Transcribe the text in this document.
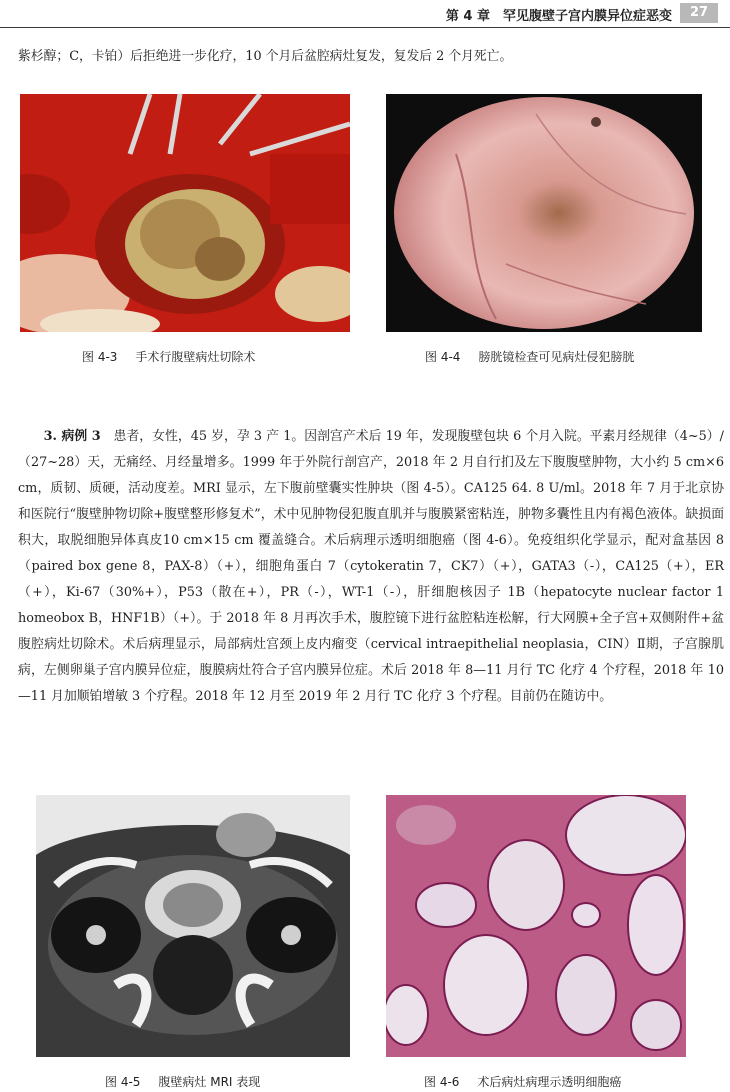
第 4 章　罕见腹壁子宫内膜异位症恶变	27
紫杉醇；C，卡铂）后拒绝进一步化疗，10 个月后盆腔病灶复发，复发后 2 个月死亡。
图 4-3 手术行腹壁病灶切除术	图 4-4 膀胱镜检查可见病灶侵犯膀胱
3. 病例 3　 患者，女性，45 岁，孕 3 产 1。因剖宫产术后 19 年，发现腹壁包块 6 个月入院。平素月经规律（4~5）/（27~28）天，无痛经、月经量增多。1999 年于外院行剖宫产，2018 年 2 月自行扪及左下腹腹壁肿物，大小约 5 cm×6 cm，质韧、质硬，活动度差。MRI 显示，左下腹前壁囊实性肿块（图 4-5）。CA125 64. 8 U/ml。2018 年 7 月于北京协和医院行“腹壁肿物切除+腹壁整形修复术”，术中见肿物侵犯腹直肌并与腹膜紧密粘连，肿物多囊性且内有褐色液体。缺损面积大，取脱细胞异体真皮10 cm×15 cm 覆盖缝合。术后病理示透明细胞癌（图 4-6）。免疫组织化学显示，配对盒基因 8（paired box gene 8，PAX-8）（+），细胞角蛋白 7（cytokeratin 7，CK7）（+），GATA3（-），CA125（+），ER（+），Ki-67（30%+），P53（散在+），PR（-），WT-1（-），肝细胞核因子 1B（hepatocyte nuclear factor 1 homeobox B，HNF1B）（+）。于 2018 年 8 月再次手术，腹腔镜下进行盆腔粘连松解，行大网膜+全子宫+双侧附件+盆腹腔病灶切除术。术后病理显示，局部病灶宫颈上皮内瘤变（cervical intraepithelial neoplasia，CIN）Ⅱ期，子宫腺肌病，左侧卵巢子宫内膜异位症，腹膜病灶符合子宫内膜异位症。术后 2018 年 8—11 月行 TC 化疗 4 个疗程，2018 年 10—11 月加顺铂增敏 3 个疗程。2018 年 12 月至 2019 年 2 月行 TC 化疗 3 个疗程。目前仍在随访中。
图 4-5 腹壁病灶 MRI 表现	图 4-6 术后病灶病理示透明细胞癌
